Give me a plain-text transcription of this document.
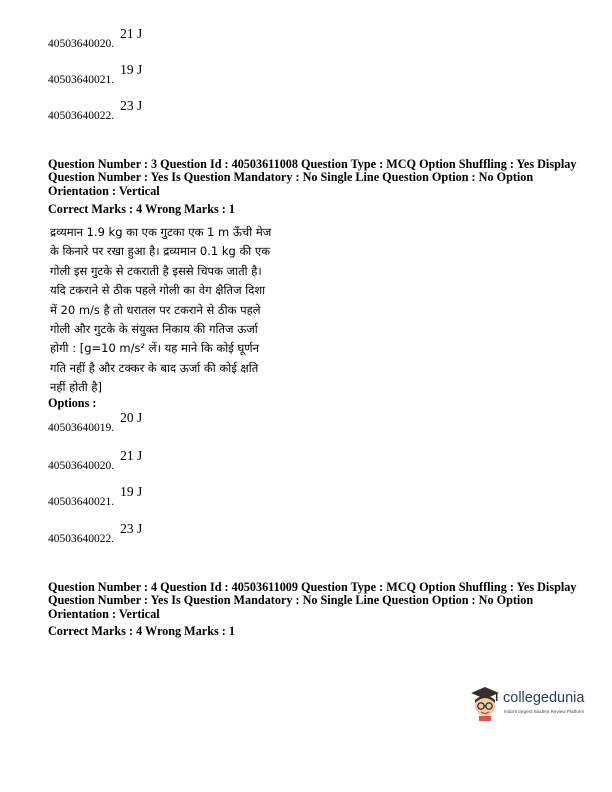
40503640020.$^{21 J}$
40503640021.$^{19 J}$
40503640022.$^{23 J}$
Question Number : 3 Question Id : 40503611008 Question Type : MCQ Option Shuffling : Yes Display
Question Number : Yes Is Question Mandatory : No Single Line Question Option : No Option
Orientation : Vertical
Correct Marks : 4 Wrong Marks : 1
द्रव्यमान 1.9 kg का एक गुटका एक 1 m ऊँची मेज
के किनारे पर रखा हुआ है। द्रव्यमान 0.1 kg की एक
गोली इस गुटके से टकराती है इससे चिपक जाती है।
यदि टकराने से ठीक पहले गोली का वेग क्षैतिज दिशा
में 20 m/s है तो धरातल पर टकराने से ठीक पहले
गोली और गुटके के संयुक्त निकाय की गतिज ऊर्जा
होगी : [g=10 m/s² लें। यह माने कि कोई घूर्णन
गति नहीं है और टक्कर के बाद ऊर्जा की कोई क्षति
नहीं होती है]
Options :
40503640019.$^{20 J}$
40503640020.$^{21 J}$
40503640021.$^{19 J}$
40503640022.$^{23 J}$
Question Number : 4 Question Id : 40503611009 Question Type : MCQ Option Shuffling : Yes Display
Question Number : Yes Is Question Mandatory : No Single Line Question Option : No Option
Orientation : Vertical
Correct Marks : 4 Wrong Marks : 1
collegedunia
India's largest Student Review Platform
